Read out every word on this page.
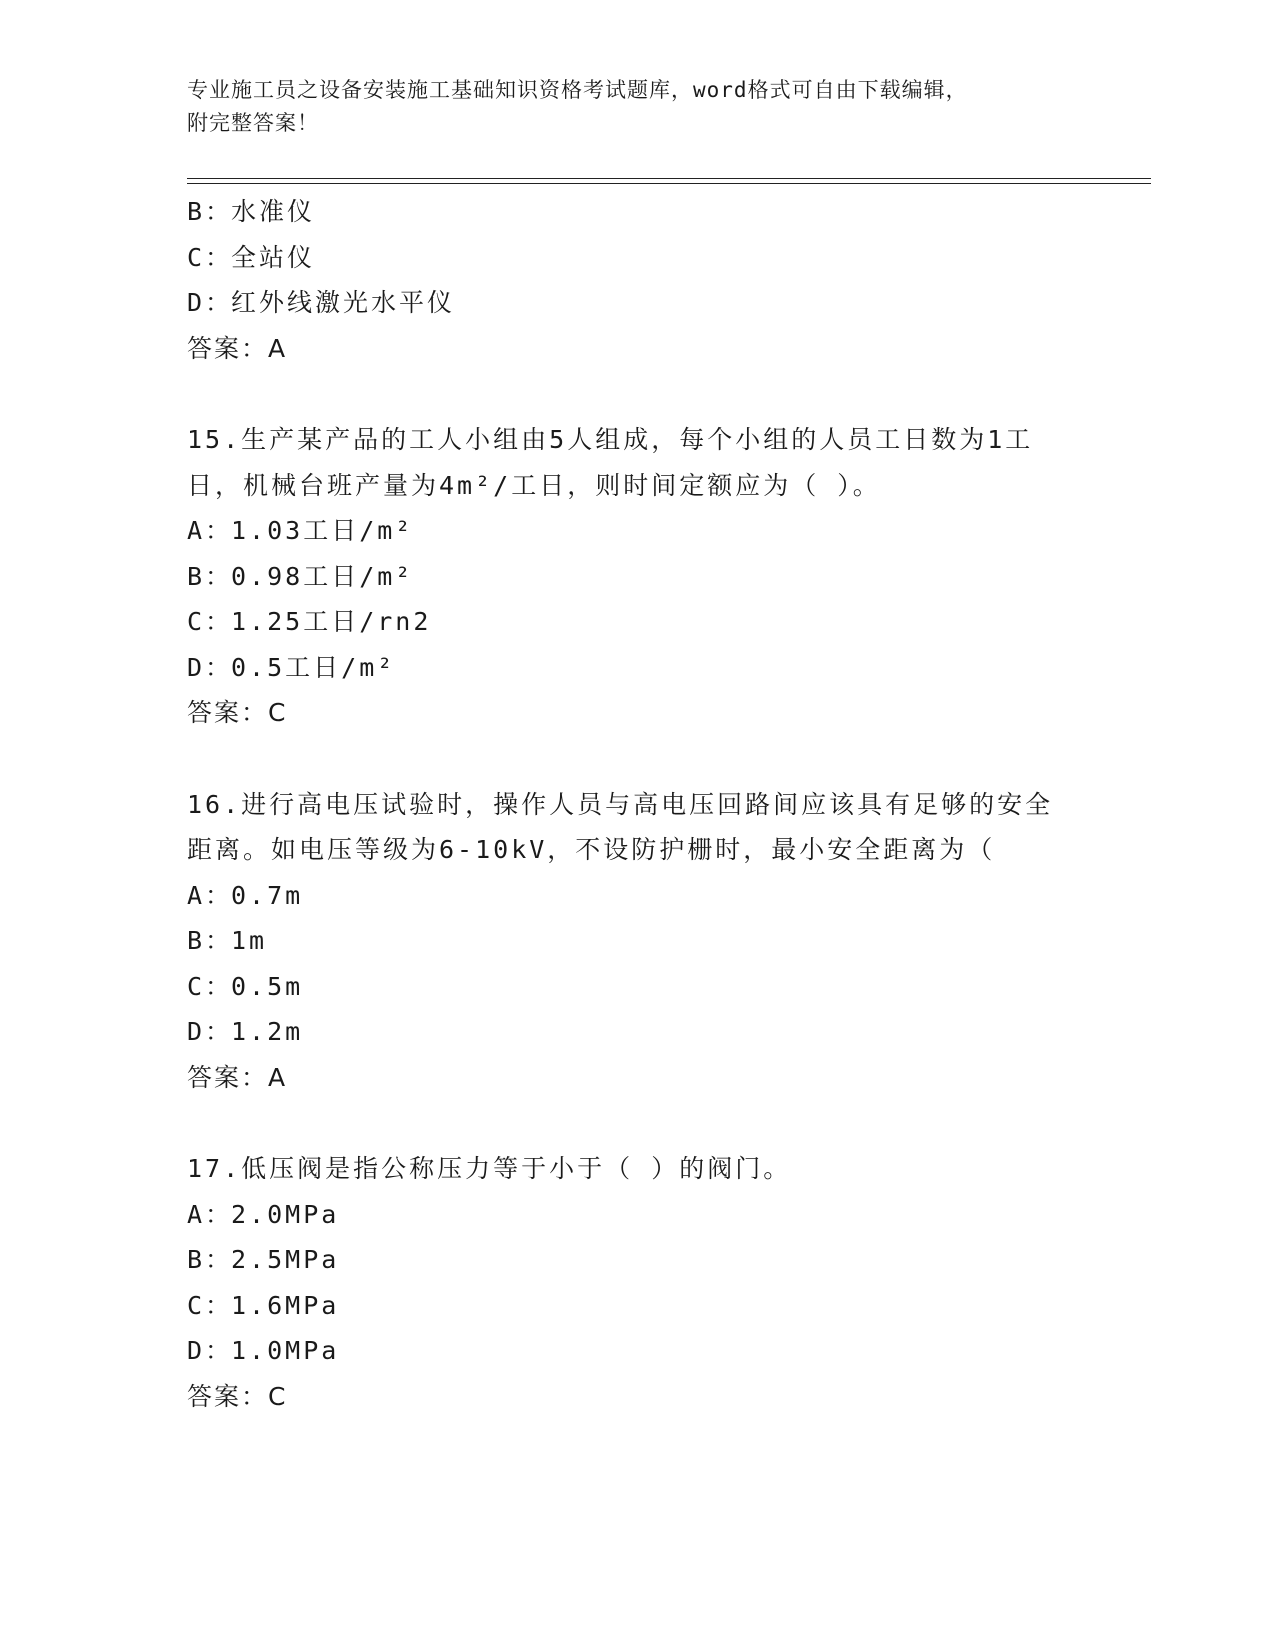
专业施工员之设备安装施工基础知识资格考试题库，word格式可自由下载编辑，
附完整答案！
B：水准仪
C：全站仪
D：红外线激光水平仪
答案：A
15.生产某产品的工人小组由5人组成，每个小组的人员工日数为1工
日，机械台班产量为4m²/工日，则时间定额应为（ ）。
A：1.03工日/m²
B：0.98工日/m²
C：1.25工日/rn2
D：0.5工日/m²
答案：C
16.进行高电压试验时，操作人员与高电压回路间应该具有足够的安全
距离。如电压等级为6-10kV，不设防护栅时，最小安全距离为（
A：0.7m
B：1m
C：0.5m
D：1.2m
答案：A
17.低压阀是指公称压力等于小于（ ）的阀门。
A：2.0MPa
B：2.5MPa
C：1.6MPa
D：1.0MPa
答案：C
